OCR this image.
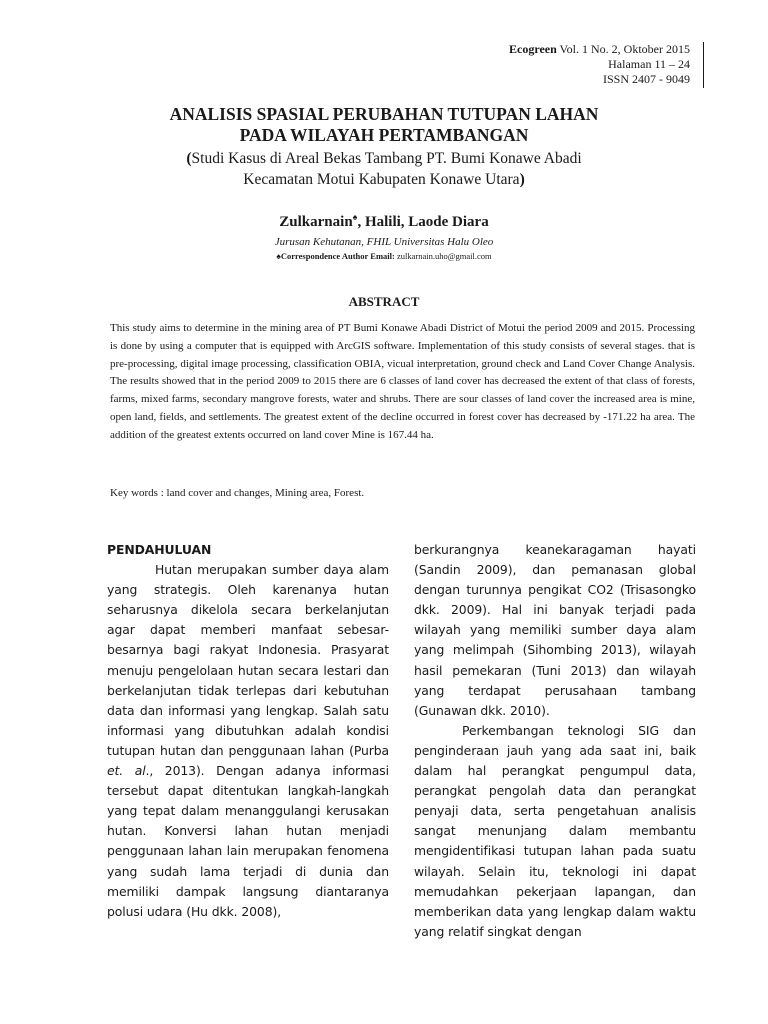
Ecogreen Vol. 1 No. 2, Oktober 2015
Halaman 11 – 24
ISSN 2407 - 9049
ANALISIS SPASIAL PERUBAHAN TUTUPAN LAHAN
PADA WILAYAH PERTAMBANGAN
(Studi Kasus di Areal Bekas Tambang PT. Bumi Konawe Abadi
Kecamatan Motui Kabupaten Konawe Utara)
Zulkarnain♠, Halili, Laode Diara
Jurusan Kehutanan, FHIL Universitas Halu Oleo
♠Correspondence Author Email: zulkarnain.uho@gmail.com
ABSTRACT
This study aims to determine in the mining area of PT Bumi Konawe Abadi District of Motui the period 2009 and 2015. Processing is done by using a computer that is equipped with ArcGIS software. Implementation of this study consists of several stages. that is pre-processing, digital image processing, classification OBIA, vicual interpretation, ground check and Land Cover Change Analysis. The results showed that in the period 2009 to 2015 there are 6 classes of land cover has decreased the extent of that class of forests, farms, mixed farms, secondary mangrove forests, water and shrubs. There are sour classes of land cover the increased area is mine, open land, fields, and settlements. The greatest extent of the decline occurred in forest cover has decreased by -171.22 ha area. The addition of the greatest extents occurred on land cover Mine is 167.44 ha.
Key words : land cover and changes, Mining area, Forest.
PENDAHULUAN

Hutan merupakan sumber daya alam yang strategis. Oleh karenanya hutan seharusnya dikelola secara berkelanjutan agar dapat memberi manfaat sebesar-besarnya bagi rakyat Indonesia. Prasyarat menuju pengelolaan hutan secara lestari dan berkelanjutan tidak terlepas dari kebutuhan data dan informasi yang lengkap. Salah satu informasi yang dibutuhkan adalah kondisi tutupan hutan dan penggunaan lahan (Purba et. al., 2013). Dengan adanya informasi tersebut dapat ditentukan langkah-langkah yang tepat dalam menanggulangi kerusakan hutan. Konversi lahan hutan menjadi penggunaan lahan lain merupakan fenomena yang sudah lama terjadi di dunia dan memiliki dampak langsung diantaranya polusi udara (Hu dkk. 2008),

berkurangnya keanekaragaman hayati (Sandin 2009), dan pemanasan global dengan turunnya pengikat CO2 (Trisasongko dkk. 2009). Hal ini banyak terjadi pada wilayah yang memiliki sumber daya alam yang melimpah (Sihombing 2013), wilayah hasil pemekaran (Tuni 2013) dan wilayah yang terdapat perusahaan tambang (Gunawan dkk. 2010).

Perkembangan teknologi SIG dan penginderaan jauh yang ada saat ini, baik dalam hal perangkat pengumpul data, perangkat pengolah data dan perangkat penyaji data, serta pengetahuan analisis sangat menunjang dalam membantu mengidentifikasi tutupan lahan pada suatu wilayah. Selain itu, teknologi ini dapat memudahkan pekerjaan lapangan, dan memberikan data yang lengkap dalam waktu yang relatif singkat dengan
